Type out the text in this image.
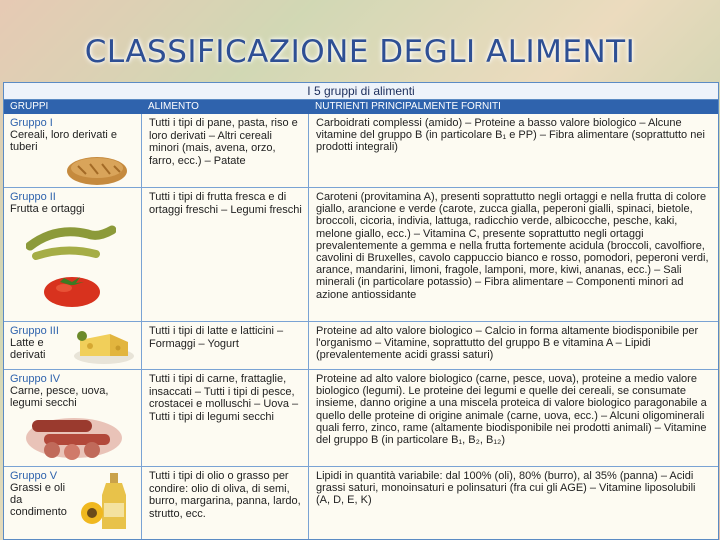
CLASSIFICAZIONE DEGLI ALIMENTI
I 5 gruppi di alimenti
GRUPPI	ALIMENTO	NUTRIENTI PRINCIPALMENTE FORNITI
Gruppo I
Cereali, loro derivati e tuberi
Tutti i tipi di pane, pasta, riso e loro derivati – Altri cereali minori (mais, avena, orzo, farro, ecc.) – Patate
Carboidrati complessi (amido) – Proteine a basso valore biologico – Alcune vitamine del gruppo B (in particolare B₁ e PP) – Fibra alimentare (soprattutto nei prodotti integrali)
Gruppo II
Frutta e ortaggi
Tutti i tipi di frutta fresca e di ortaggi freschi – Legumi freschi
Caroteni (provitamina A), presenti soprattutto negli ortaggi e nella frutta di colore giallo, arancione e verde (carote, zucca gialla, peperoni gialli, spinaci, bietole, broccoli, cicoria, indivia, lattuga, radicchio verde, albicocche, pesche, kaki, melone giallo, ecc.) – Vitamina C, presente soprattutto negli ortaggi prevalentemente a gemma e nella frutta fortemente acidula (broccoli, cavolfiore, cavolini di Bruxelles, cavolo cappuccio bianco e rosso, pomodori, peperoni verdi, arance, mandarini, limoni, fragole, lamponi, more, kiwi, ananas, ecc.) – Sali minerali (in particolare potassio) – Fibra alimentare – Componenti minori ad azione antiossidante
Gruppo III
Latte e derivati
Tutti i tipi di latte e latticini – Formaggi – Yogurt
Proteine ad alto valore biologico – Calcio in forma altamente biodisponibile per l'organismo – Vitamine, soprattutto del gruppo B e vitamina A – Lipidi (prevalentemente acidi grassi saturi)
Gruppo IV
Carne, pesce, uova, legumi secchi
Tutti i tipi di carne, frattaglie, insaccati – Tutti i tipi di pesce, crostacei e molluschi – Uova – Tutti i tipi di legumi secchi
Proteine ad alto valore biologico (carne, pesce, uova), proteine a medio valore biologico (legumi). Le proteine dei legumi e quelle dei cereali, se consumate insieme, danno origine a una miscela proteica di valore biologico paragonabile a quello delle proteine di origine animale (carne, uova, ecc.) – Alcuni oligominerali quali ferro, zinco, rame (altamente biodisponibile nei prodotti animali) – Vitamine del gruppo B (in particolare B₁, B₂, B₁₂)
Gruppo V
Grassi e oli da condimento
Tutti i tipi di olio o grasso per condire: olio di oliva, di semi, burro, margarina, panna, lardo, strutto, ecc.
Lipidi in quantità variabile: dal 100% (oli), 80% (burro), al 35% (panna) – Acidi grassi saturi, monoinsaturi e polinsaturi (fra cui gli AGE) – Vitamine liposolubili (A, D, E, K)
